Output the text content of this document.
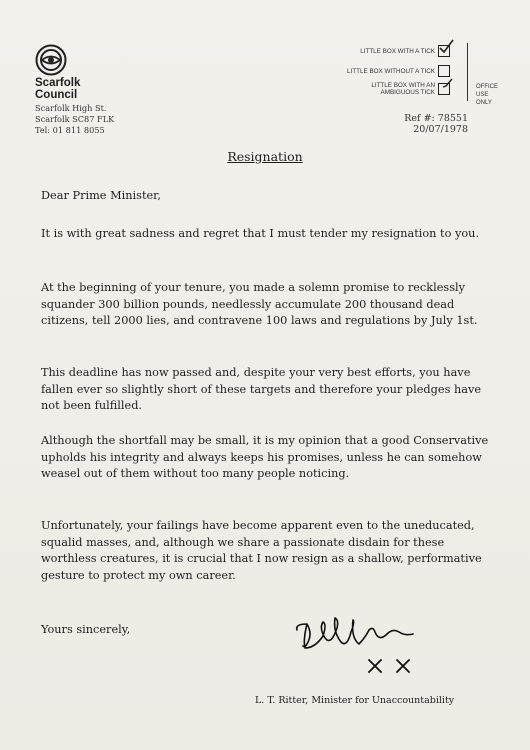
Scarfolk
Council
Scarfolk High St.
Scarfolk SC87 FLK
Tel: 01 811 8055
LITTLE BOX WITH A TICK
LITTLE BOX WITHOUT A TICK
LITTLE BOX WITH AN
AMBIGUOUS TICK
OFFICE
USE ONLY
Ref #: 78551
20/07/1978
Resignation
Dear Prime Minister,
It is with great sadness and regret that I must tender my resignation to you.
At the beginning of your tenure, you made a solemn promise to recklessly squander 300 billion pounds, needlessly accumulate 200 thousand dead citizens, tell 2000 lies, and contravene 100 laws and regulations by July 1st.
This deadline has now passed and, despite your very best efforts, you have fallen ever so slightly short of these targets and therefore your pledges have not been fulfilled.
Although the shortfall may be small, it is my opinion that a good Conservative upholds his integrity and always keeps his promises, unless he can somehow weasel out of them without too many people noticing.
Unfortunately, your failings have become apparent even to the uneducated, squalid masses, and, although we share a passionate disdain for these worthless creatures, it is crucial that I now resign as a shallow, performative gesture to protect my own career.
Yours sincerely,
L. T. Ritter, Minister for Unaccountability
